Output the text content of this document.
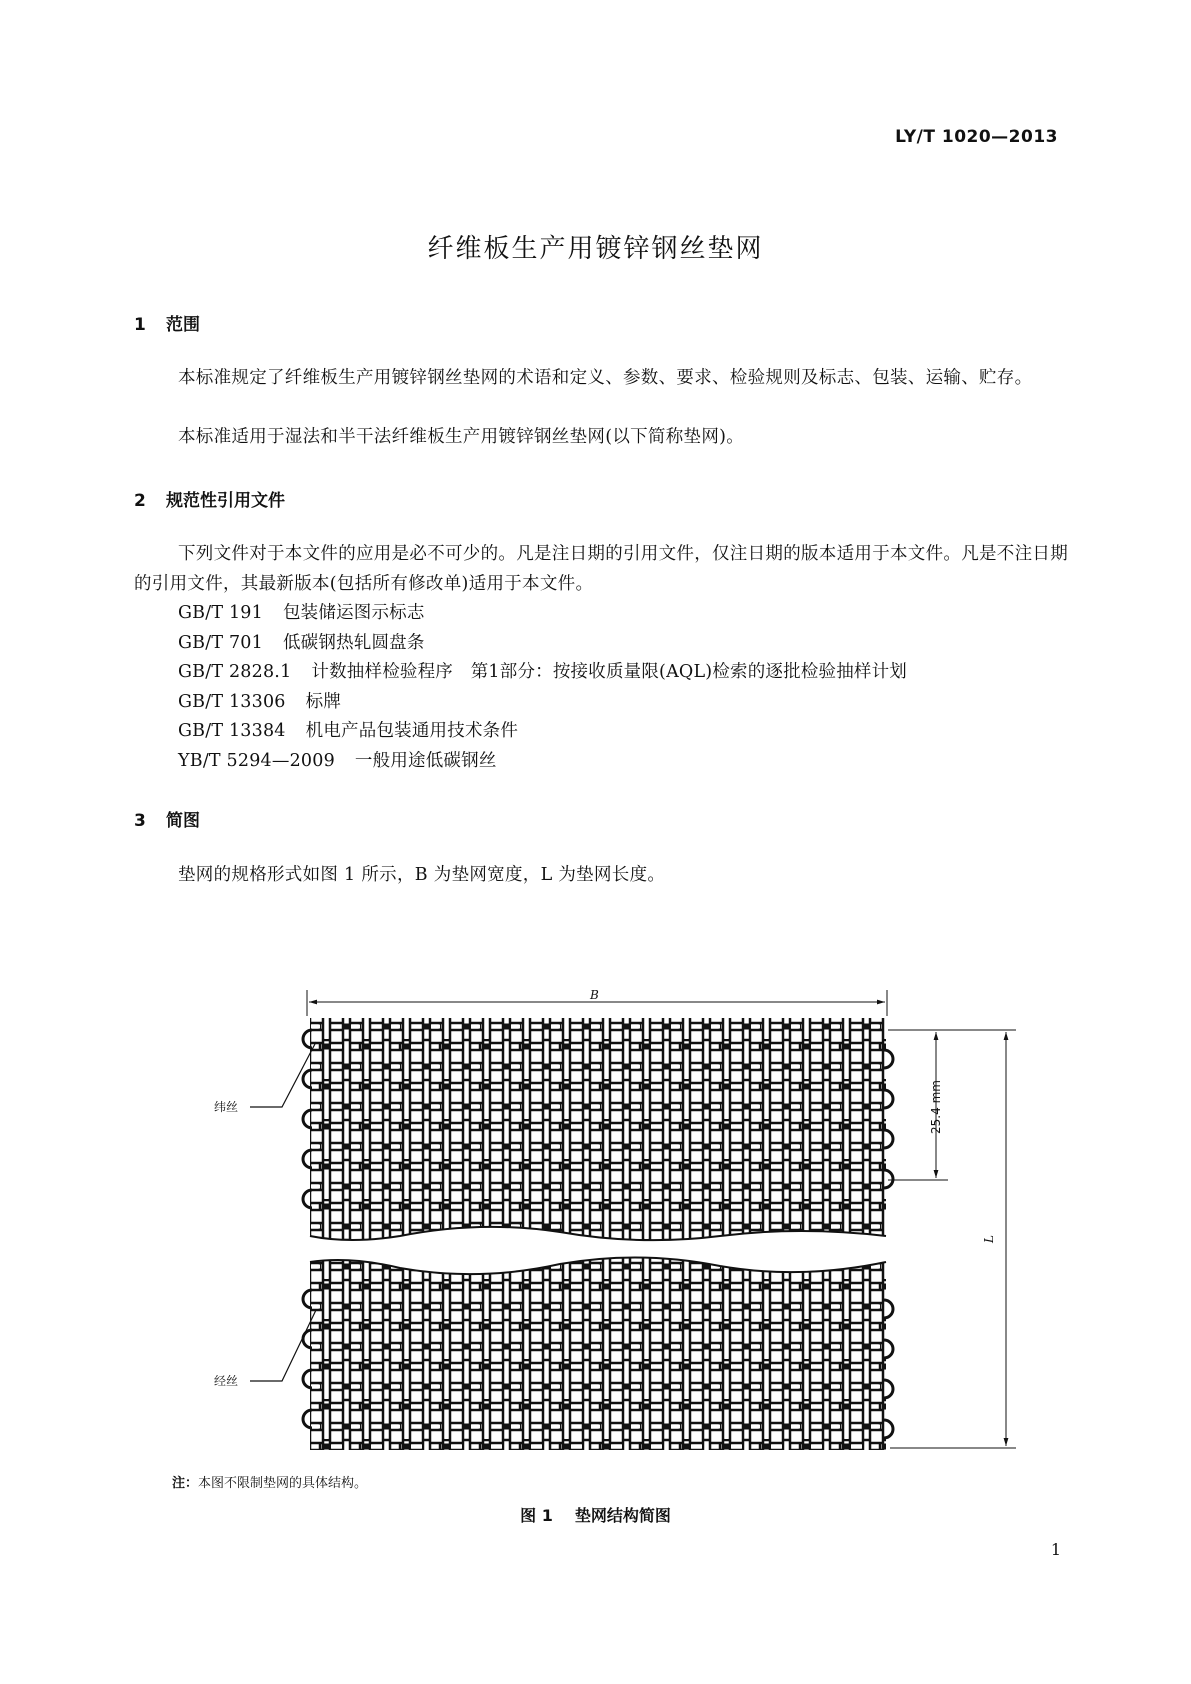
LY/T 1020—2013
纤维板生产用镀锌钢丝垫网
1 范围
本标准规定了纤维板生产用镀锌钢丝垫网的术语和定义、参数、要求、检验规则及标志、包装、运输、贮存。
本标准适用于湿法和半干法纤维板生产用镀锌钢丝垫网(以下简称垫网)。
2 规范性引用文件
下列文件对于本文件的应用是必不可少的。凡是注日期的引用文件，仅注日期的版本适用于本文件。凡是不注日期的引用文件，其最新版本(包括所有修改单)适用于本文件。
GB/T 191 包装储运图示标志
GB/T 701 低碳钢热轧圆盘条
GB/T 2828.1 计数抽样检验程序　第1部分：按接收质量限(AQL)检索的逐批检验抽样计划
GB/T 13306 标牌
GB/T 13384 机电产品包装通用技术条件
YB/T 5294—2009 一般用途低碳钢丝
3 简图
垫网的规格形式如图 1 所示，B 为垫网宽度，L 为垫网长度。
B
25.4 mm
L
纬丝
经丝
注：本图不限制垫网的具体结构。
图 1 垫网结构简图
1
